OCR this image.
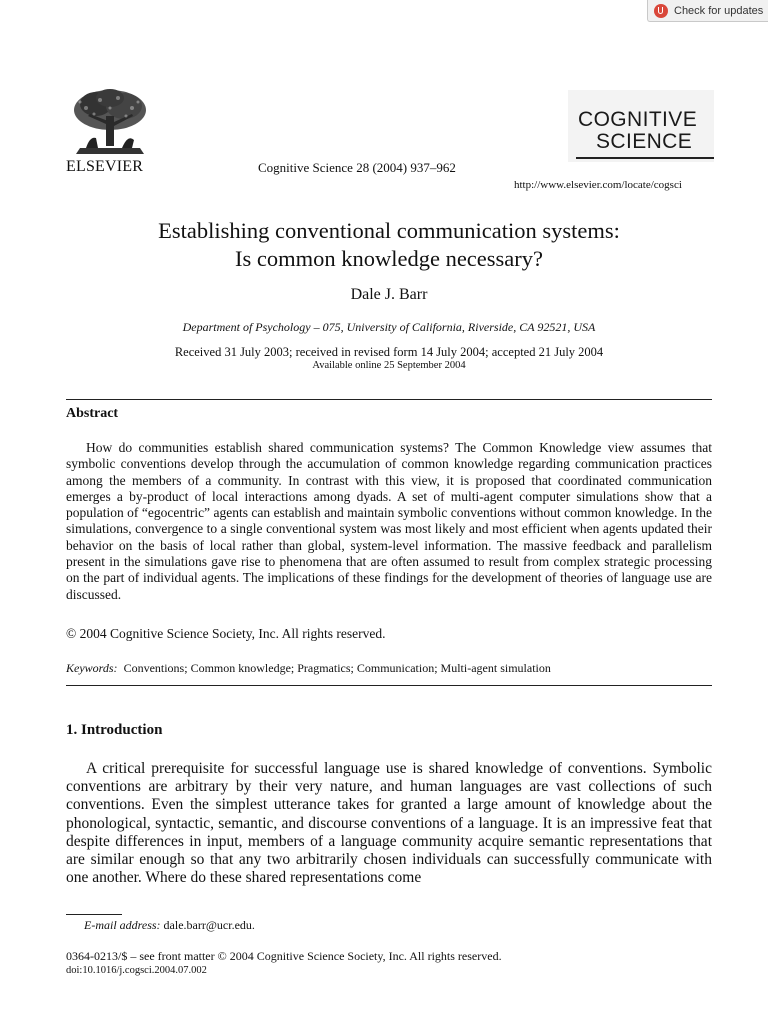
Check for updates
ELSEVIER	Cognitive Science 28 (2004) 937–962
COGNITIVE
SCIENCE
http://www.elsevier.com/locate/cogsci
Establishing conventional communication systems:
Is common knowledge necessary?
Dale J. Barr
Department of Psychology – 075, University of California, Riverside, CA 92521, USA
Received 31 July 2003; received in revised form 14 July 2004; accepted 21 July 2004
Available online 25 September 2004
Abstract

How do communities establish shared communication systems? The Common Knowledge view assumes that symbolic conventions develop through the accumulation of common knowledge regarding communication practices among the members of a community. In contrast with this view, it is proposed that coordinated communication emerges a by-product of local interactions among dyads. A set of multi-agent computer simulations show that a population of “egocentric” agents can establish and maintain symbolic conventions without common knowledge. In the simulations, convergence to a single conventional system was most likely and most efficient when agents updated their behavior on the basis of local rather than global, system-level information. The massive feedback and parallelism present in the simulations gave rise to phenomena that are often assumed to result from complex strategic processing on the part of individual agents. The implications of these findings for the development of theories of language use are discussed.

© 2004 Cognitive Science Society, Inc. All rights reserved.
Keywords: Conventions; Common knowledge; Pragmatics; Communication; Multi-agent simulation
1. Introduction

A critical prerequisite for successful language use is shared knowledge of conventions. Symbolic conventions are arbitrary by their very nature, and human languages are vast collections of such conventions. Even the simplest utterance takes for granted a large amount of knowledge about the phonological, syntactic, semantic, and discourse conventions of a language. It is an impressive feat that despite differences in input, members of a language community acquire semantic representations that are similar enough so that any two arbitrarily chosen individuals can successfully communicate with one another. Where do these shared representations come

E-mail address: dale.barr@ucr.edu.
0364-0213/$ – see front matter © 2004 Cognitive Science Society, Inc. All rights reserved.
doi:10.1016/j.cogsci.2004.07.002
